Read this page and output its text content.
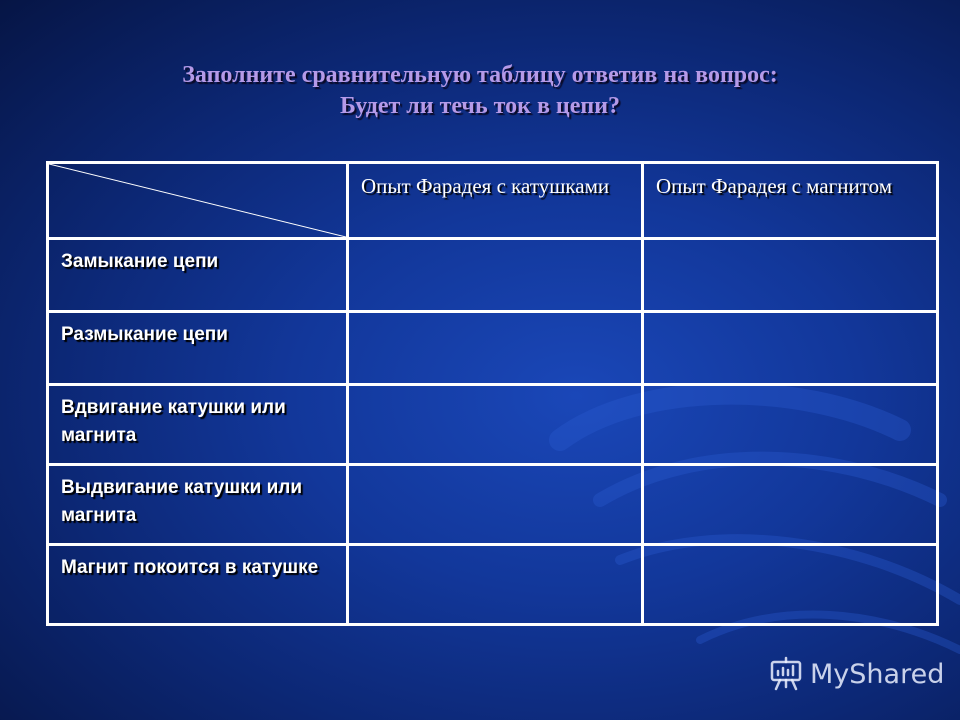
Заполните сравнительную таблицу ответив на вопрос:
Будет ли течь ток в цепи?
	Опыт Фарадея с катушками	Опыт Фарадея с магнитом
Замыкание цепи		
Размыкание цепи		
Вдвигание катушки или магнита		
Выдвигание катушки или магнита		
Магнит покоится в катушке		
MyShared
